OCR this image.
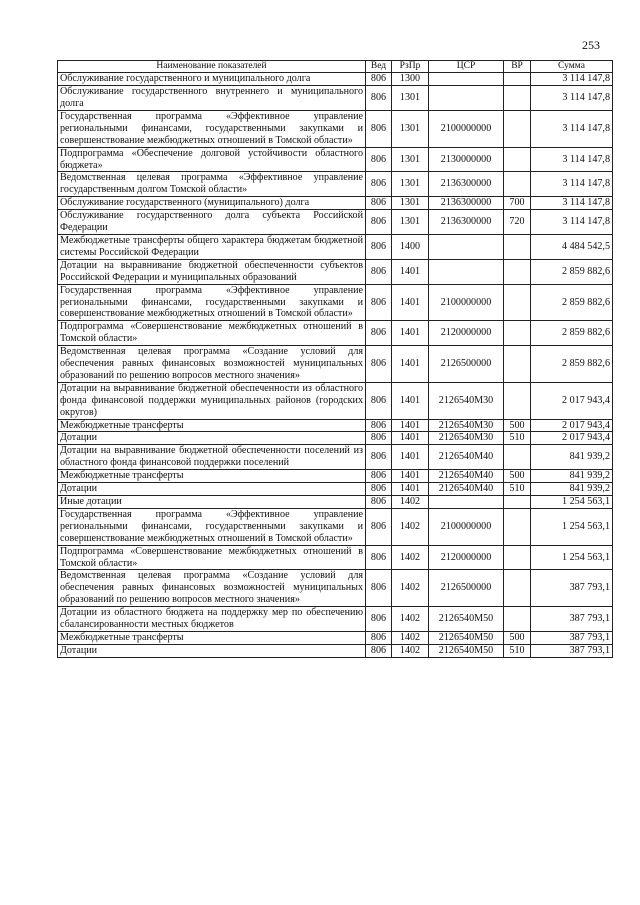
253
Наименование показателей	Вед	РзПр	ЦСР	ВР	Сумма
Обслуживание государственного и муниципального долга	806	1300			3 114 147,8
Обслуживание государственного внутреннего и муниципального долга	806	1301			3 114 147,8
Государственная программа «Эффективное управление региональными финансами, государственными закупками и совершенствование межбюджетных отношений в Томской области»	806	1301	2100000000		3 114 147,8
Подпрограмма «Обеспечение долговой устойчивости областного бюджета»	806	1301	2130000000		3 114 147,8
Ведомственная целевая программа «Эффективное управление государственным долгом Томской области»	806	1301	2136300000		3 114 147,8
Обслуживание государственного (муниципального) долга	806	1301	2136300000	700	3 114 147,8
Обслуживание государственного долга субъекта Российской Федерации	806	1301	2136300000	720	3 114 147,8
Межбюджетные трансферты общего характера бюджетам бюджетной системы Российской Федерации	806	1400			4 484 542,5
Дотации на выравнивание бюджетной обеспеченности субъектов Российской Федерации и муниципальных образований	806	1401			2 859 882,6
Государственная программа «Эффективное управление региональными финансами, государственными закупками и совершенствование межбюджетных отношений в Томской области»	806	1401	2100000000		2 859 882,6
Подпрограмма «Совершенствование межбюджетных отношений в Томской области»	806	1401	2120000000		2 859 882,6
Ведомственная целевая программа «Создание условий для обеспечения равных финансовых возможностей муниципальных образований по решению вопросов местного значения»	806	1401	2126500000		2 859 882,6
Дотации на выравнивание бюджетной обеспеченности из областного фонда финансовой поддержки муниципальных районов (городских округов)	806	1401	2126540М30		2 017 943,4
Межбюджетные трансферты	806	1401	2126540М30	500	2 017 943,4
Дотации	806	1401	2126540М30	510	2 017 943,4
Дотации на выравнивание бюджетной обеспеченности поселений из областного фонда финансовой поддержки поселений	806	1401	2126540М40		841 939,2
Межбюджетные трансферты	806	1401	2126540М40	500	841 939,2
Дотации	806	1401	2126540М40	510	841 939,2
Иные дотации	806	1402			1 254 563,1
Государственная программа «Эффективное управление региональными финансами, государственными закупками и совершенствование межбюджетных отношений в Томской области»	806	1402	2100000000		1 254 563,1
Подпрограмма «Совершенствование межбюджетных отношений в Томской области»	806	1402	2120000000		1 254 563,1
Ведомственная целевая программа «Создание условий для обеспечения равных финансовых возможностей муниципальных образований по решению вопросов местного значения»	806	1402	2126500000		387 793,1
Дотации из областного бюджета на поддержку мер по обеспечению сбалансированности местных бюджетов	806	1402	2126540М50		387 793,1
Межбюджетные трансферты	806	1402	2126540М50	500	387 793,1
Дотации	806	1402	2126540М50	510	387 793,1
